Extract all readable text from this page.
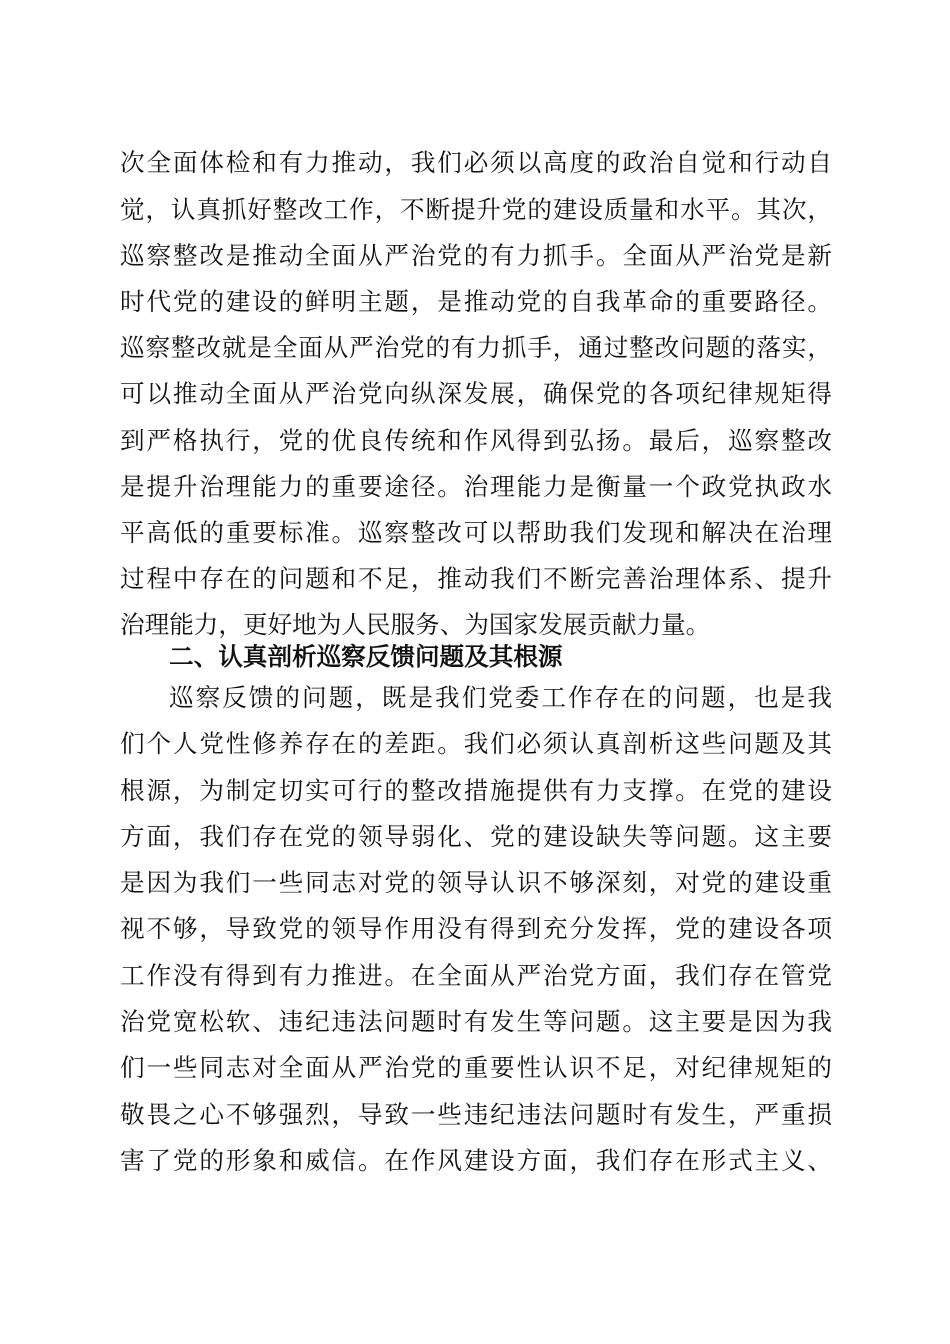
次全面体检和有力推动，我们必须以高度的政治自觉和行动自
觉，认真抓好整改工作，不断提升党的建设质量和水平。其次，
巡察整改是推动全面从严治党的有力抓手。全面从严治党是新
时代党的建设的鲜明主题，是推动党的自我革命的重要路径。
巡察整改就是全面从严治党的有力抓手，通过整改问题的落实，
可以推动全面从严治党向纵深发展，确保党的各项纪律规矩得
到严格执行，党的优良传统和作风得到弘扬。最后，巡察整改
是提升治理能力的重要途径。治理能力是衡量一个政党执政水
平高低的重要标准。巡察整改可以帮助我们发现和解决在治理
过程中存在的问题和不足，推动我们不断完善治理体系、提升
治理能力，更好地为人民服务、为国家发展贡献力量。
二、认真剖析巡察反馈问题及其根源
巡察反馈的问题，既是我们党委工作存在的问题，也是我
们个人党性修养存在的差距。我们必须认真剖析这些问题及其
根源，为制定切实可行的整改措施提供有力支撑。在党的建设
方面，我们存在党的领导弱化、党的建设缺失等问题。这主要
是因为我们一些同志对党的领导认识不够深刻，对党的建设重
视不够，导致党的领导作用没有得到充分发挥，党的建设各项
工作没有得到有力推进。在全面从严治党方面，我们存在管党
治党宽松软、违纪违法问题时有发生等问题。这主要是因为我
们一些同志对全面从严治党的重要性认识不足，对纪律规矩的
敬畏之心不够强烈，导致一些违纪违法问题时有发生，严重损
害了党的形象和威信。在作风建设方面，我们存在形式主义、
